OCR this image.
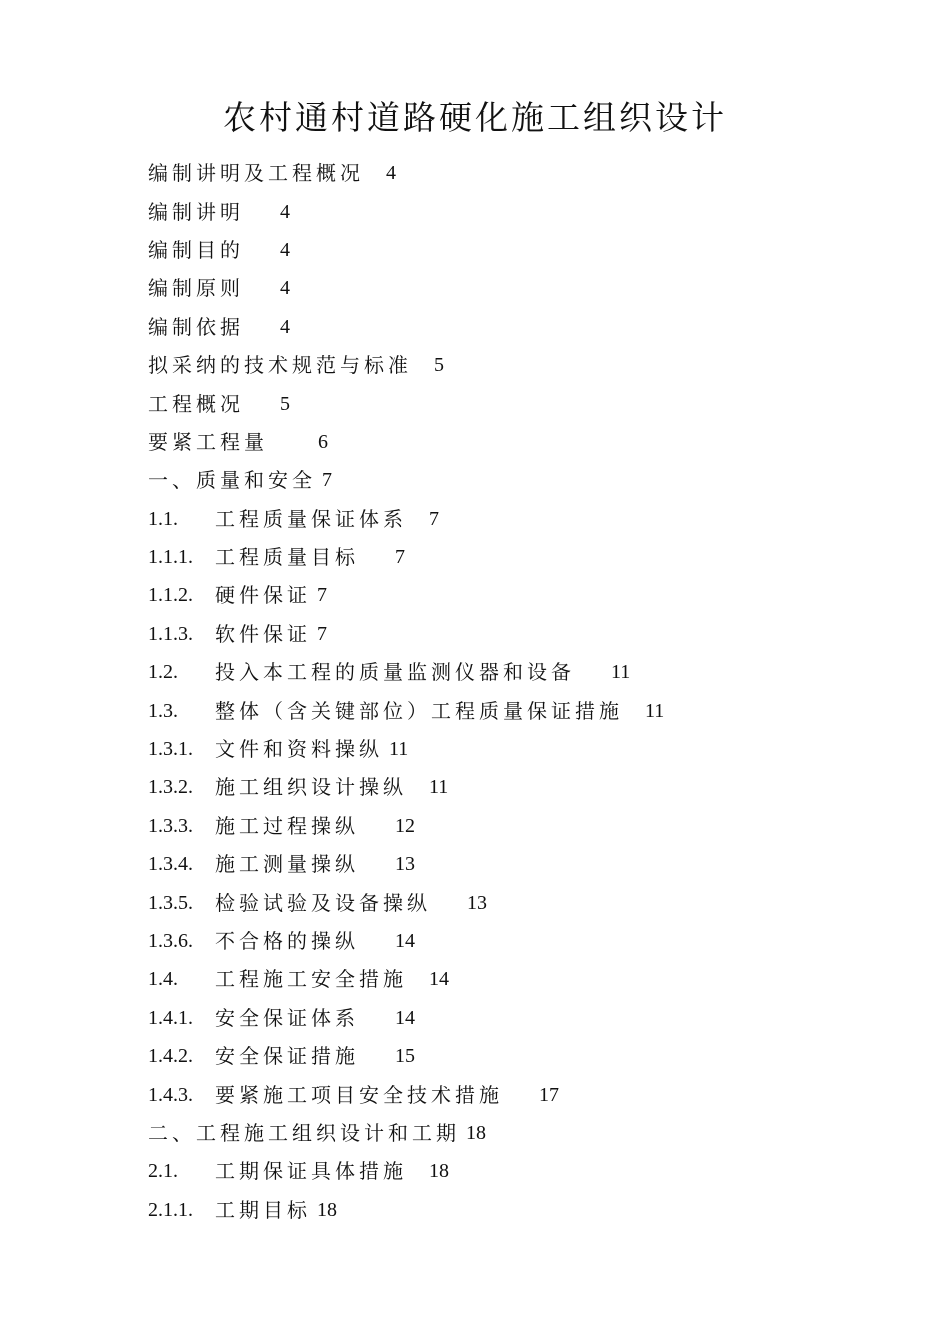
农村通村道路硬化施工组织设计
编制讲明及工程概况 4
编制讲明 4
编制目的 4
编制原则 4
编制依据 4
拟采纳的技术规范与标准 5
工程概况 5
要紧工程量	6
一、质量和安全 7
1.1.	工程质量保证体系 7
1.1.1.	工程质量目标 7
1.1.2.	硬件保证 7
1.1.3.	软件保证 7
1.2.	投入本工程的质量监测仪器和设备 11
1.3.	整体（含关键部位）工程质量保证措施 11
1.3.1.	文件和资料操纵 11
1.3.2.	施工组织设计操纵 11
1.3.3.	施工过程操纵 12
1.3.4.	施工测量操纵 13
1.3.5.	检验试验及设备操纵 13
1.3.6.	不合格的操纵 14
1.4.	工程施工安全措施 14
1.4.1.	安全保证体系 14
1.4.2.	安全保证措施 15
1.4.3.	要紧施工项目安全技术措施 17
二、工程施工组织设计和工期 18
2.1.	工期保证具体措施 18
2.1.1.	工期目标 18
